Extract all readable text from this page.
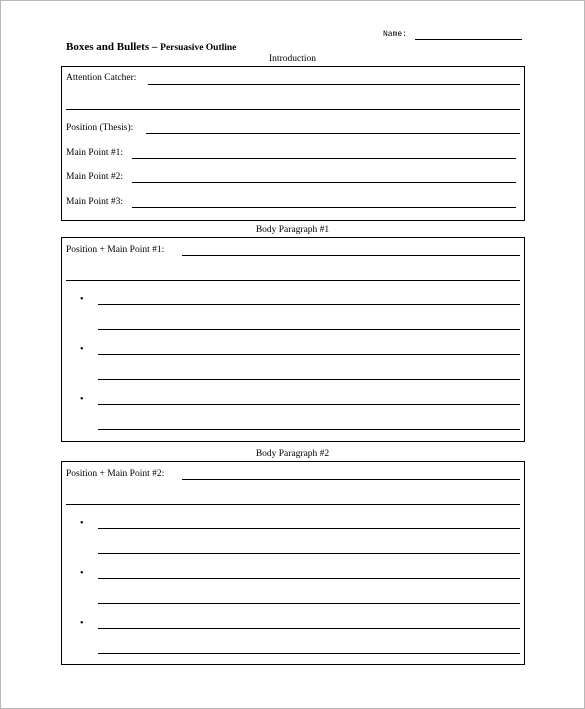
Name:
Boxes and Bullets – Persuasive Outline
Introduction
Attention Catcher:
Position (Thesis):
Main Point #1:
Main Point #2:
Main Point #3:
Body Paragraph #1
Position + Main Point #1:
•
•
•
Body Paragraph #2
Position + Main Point #2:
•
•
•
